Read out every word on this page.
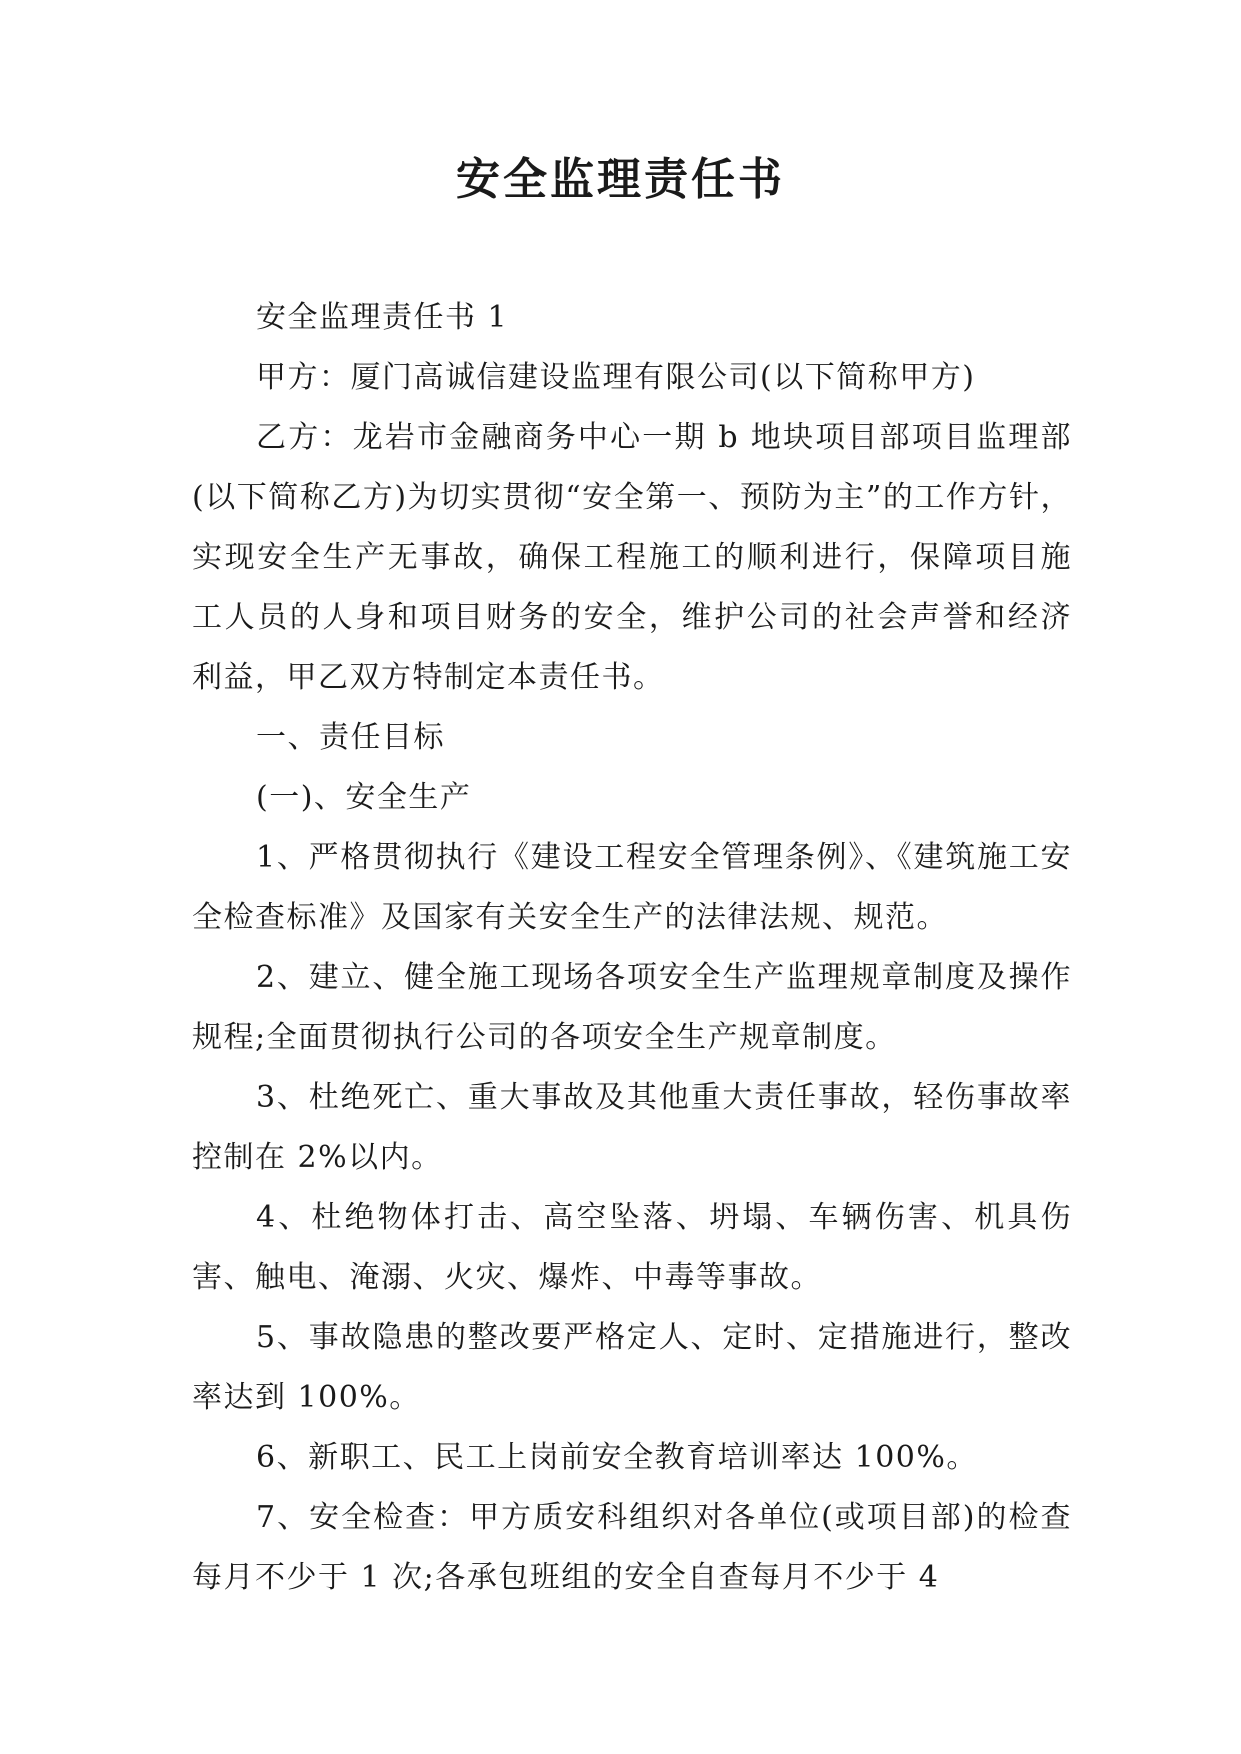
安全监理责任书

安全监理责任书 1

甲方：厦门高诚信建设监理有限公司(以下简称甲方)

乙方：龙岩市金融商务中心一期 b 地块项目部项目监理部(以下简称乙方)为切实贯彻“安全第一、预防为主”的工作方针，实现安全生产无事故，确保工程施工的顺利进行，保障项目施工人员的人身和项目财务的安全，维护公司的社会声誉和经济利益，甲乙双方特制定本责任书。

一、责任目标

(一)、安全生产

1、严格贯彻执行《建设工程安全管理条例》、《建筑施工安全检查标准》及国家有关安全生产的法律法规、规范。

2、建立、健全施工现场各项安全生产监理规章制度及操作规程;全面贯彻执行公司的各项安全生产规章制度。

3、杜绝死亡、重大事故及其他重大责任事故，轻伤事故率控制在 2%以内。

4、杜绝物体打击、高空坠落、坍塌、车辆伤害、机具伤害、触电、淹溺、火灾、爆炸、中毒等事故。

5、事故隐患的整改要严格定人、定时、定措施进行，整改率达到 100%。

6、新职工、民工上岗前安全教育培训率达 100%。

7、安全检查：甲方质安科组织对各单位(或项目部)的检查每月不少于 1 次;各承包班组的安全自查每月不少于 4
